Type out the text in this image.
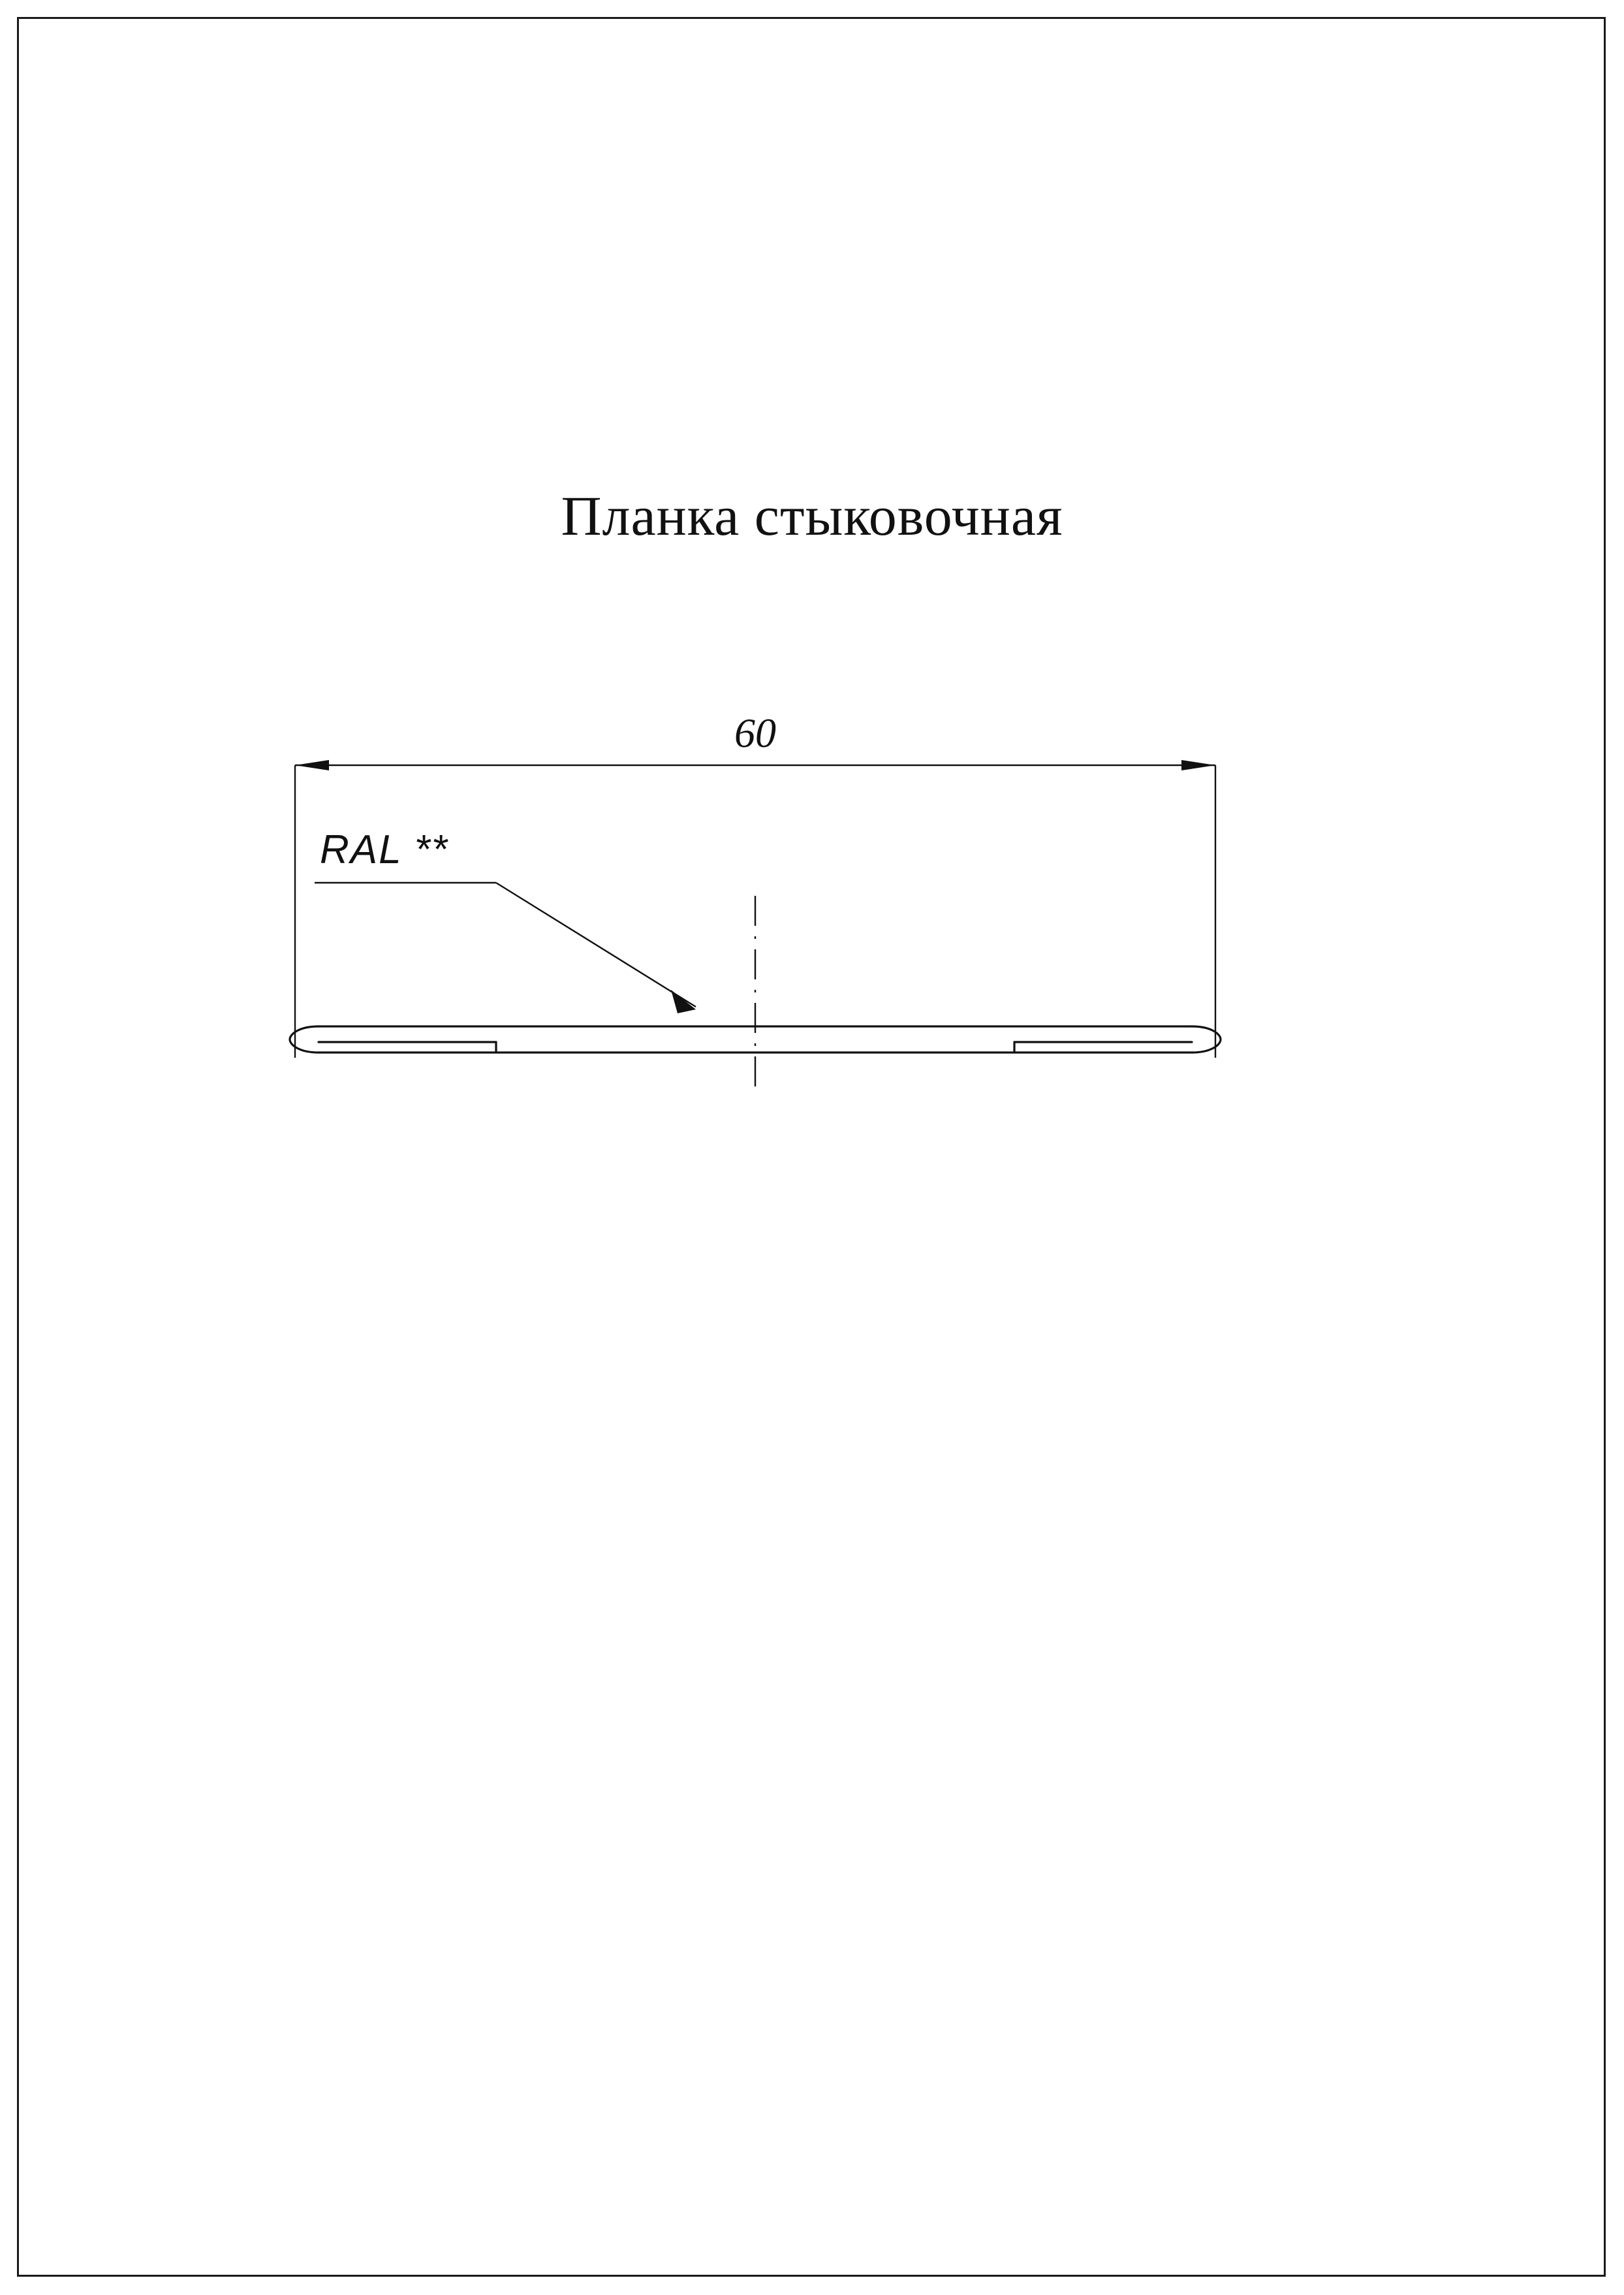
Планка стыковочная
60
RAL **
